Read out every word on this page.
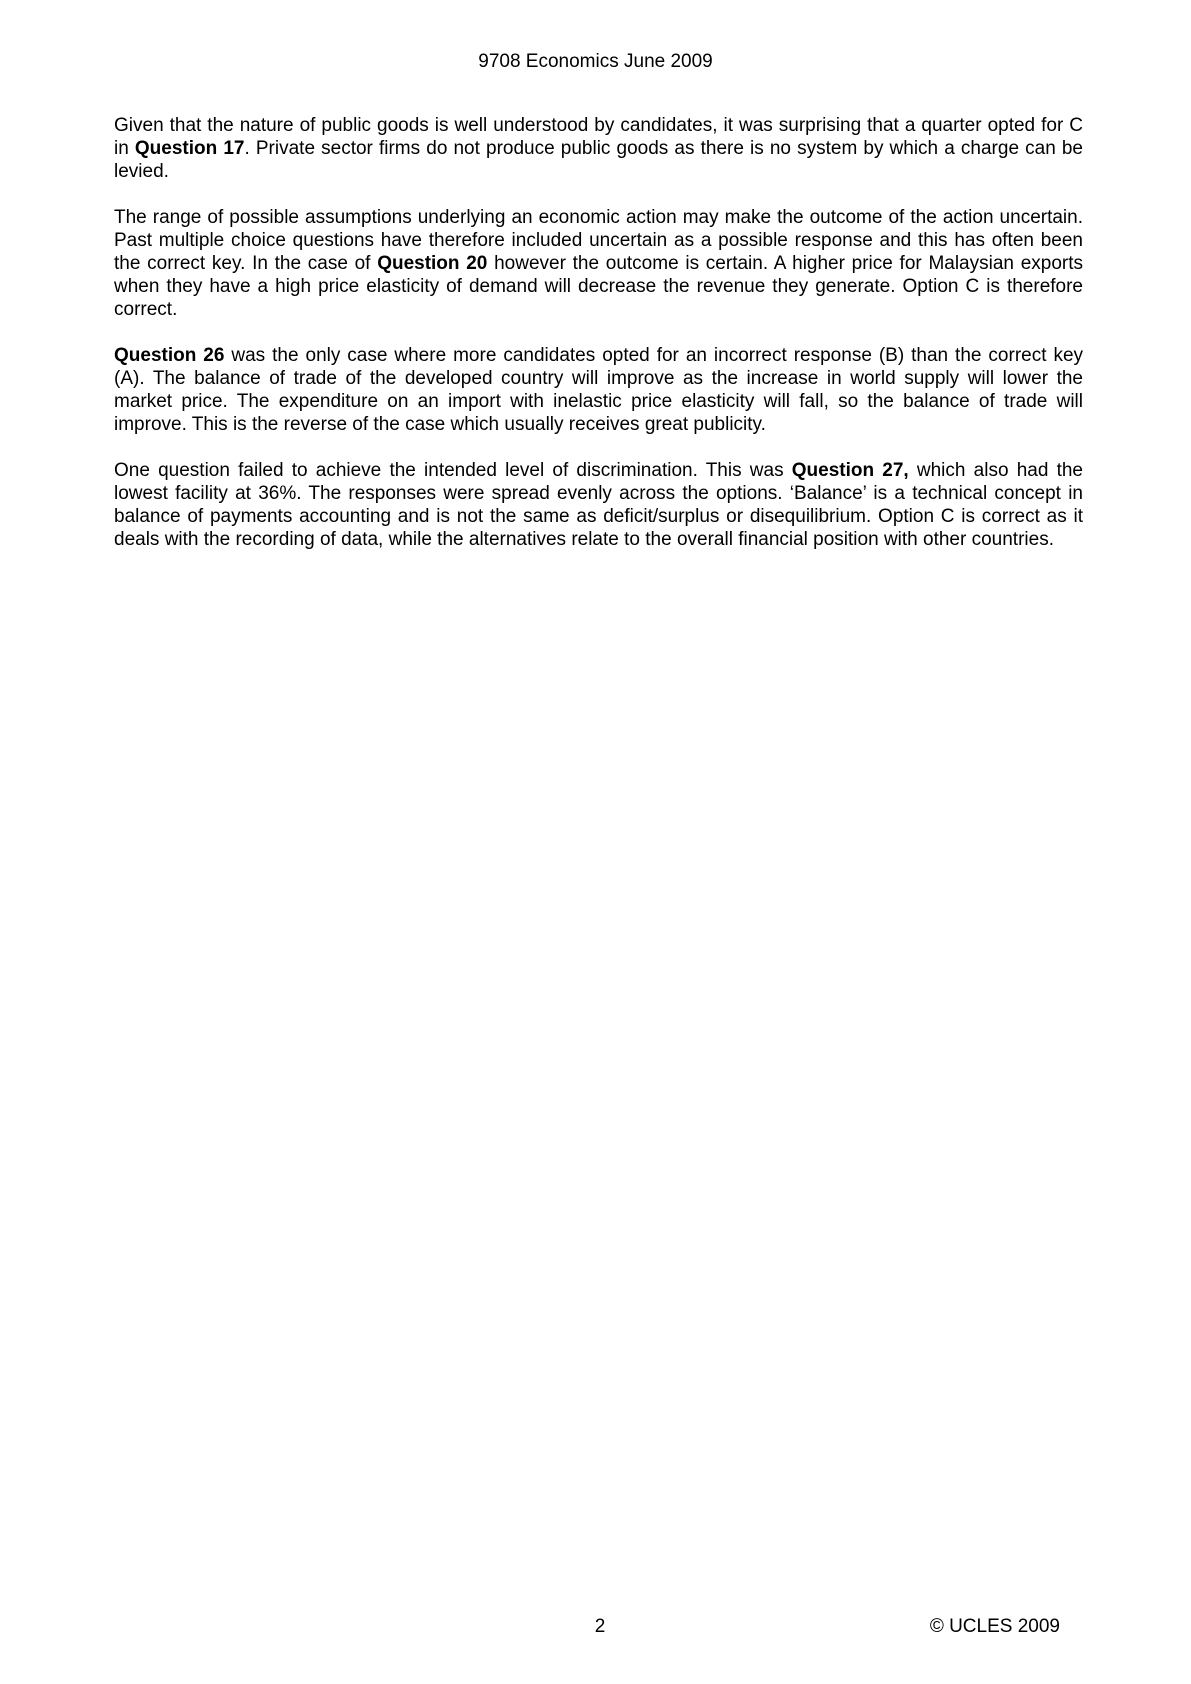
9708 Economics June 2009

Given that the nature of public goods is well understood by candidates, it was surprising that a quarter opted for C in Question 17. Private sector firms do not produce public goods as there is no system by which a charge can be levied.

The range of possible assumptions underlying an economic action may make the outcome of the action uncertain. Past multiple choice questions have therefore included uncertain as a possible response and this has often been the correct key. In the case of Question 20 however the outcome is certain. A higher price for Malaysian exports when they have a high price elasticity of demand will decrease the revenue they generate. Option C is therefore correct.

Question 26 was the only case where more candidates opted for an incorrect response (B) than the correct key (A). The balance of trade of the developed country will improve as the increase in world supply will lower the market price. The expenditure on an import with inelastic price elasticity will fall, so the balance of trade will improve. This is the reverse of the case which usually receives great publicity.

One question failed to achieve the intended level of discrimination. This was Question 27, which also had the lowest facility at 36%. The responses were spread evenly across the options. ‘Balance’ is a technical concept in balance of payments accounting and is not the same as deficit/surplus or disequilibrium. Option C is correct as it deals with the recording of data, while the alternatives relate to the overall financial position with other countries.

2	© UCLES 2009
